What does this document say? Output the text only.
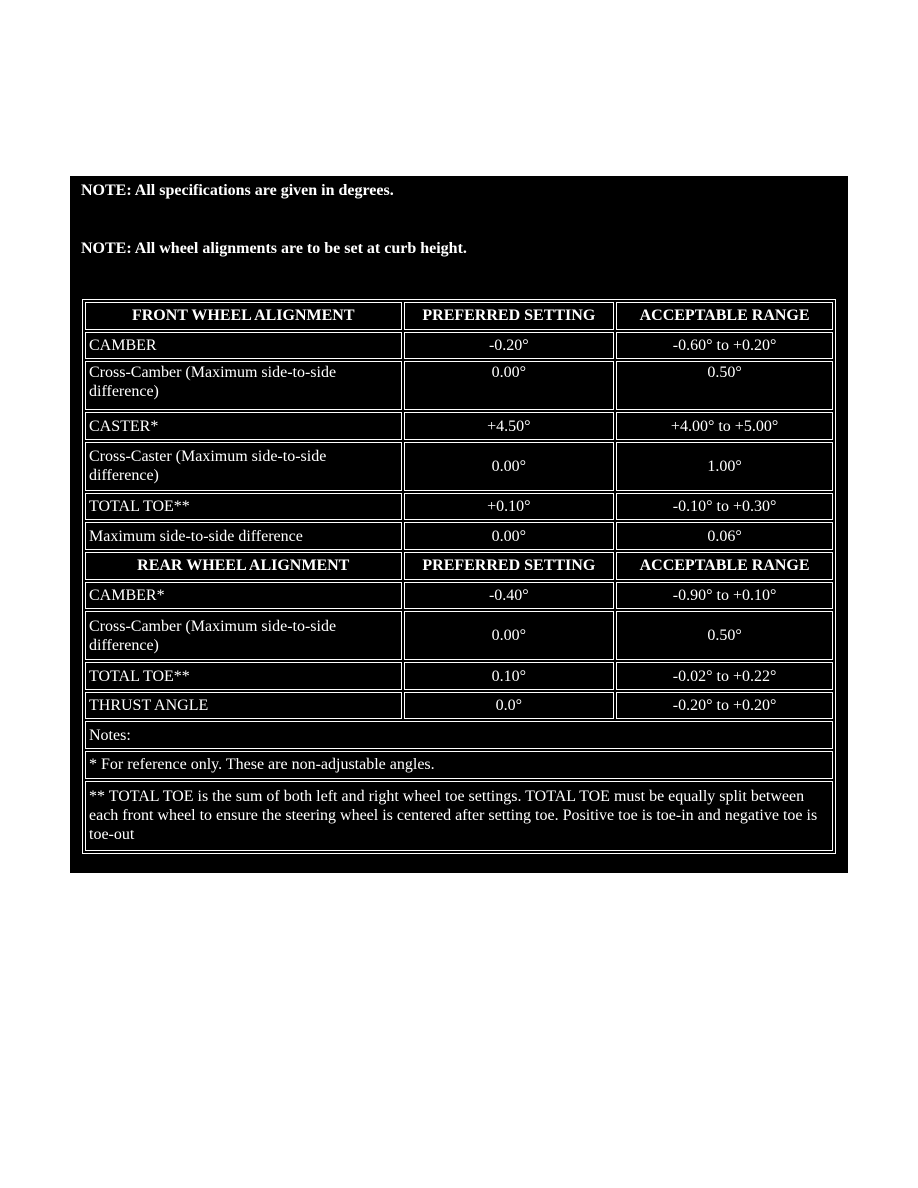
NOTE: All specifications are given in degrees.
NOTE: All wheel alignments are to be set at curb height.
FRONT WHEEL ALIGNMENT	PREFERRED SETTING	ACCEPTABLE RANGE
CAMBER	-0.20°	-0.60° to +0.20°
Cross-Camber (Maximum side-to-side difference)	0.00°	0.50°
CASTER*	+4.50°	+4.00° to +5.00°
Cross-Caster (Maximum side-to-side difference)	0.00°	1.00°
TOTAL TOE**	+0.10°	-0.10° to +0.30°
Maximum side-to-side difference	0.00°	0.06°
REAR WHEEL ALIGNMENT	PREFERRED SETTING	ACCEPTABLE RANGE
CAMBER*	-0.40°	-0.90° to +0.10°
Cross-Camber (Maximum side-to-side difference)	0.00°	0.50°
TOTAL TOE**	0.10°	-0.02° to +0.22°
THRUST ANGLE	0.0°	-0.20° to +0.20°
Notes:		
* For reference only. These are non-adjustable angles.		
** TOTAL TOE is the sum of both left and right wheel toe settings. TOTAL TOE must be equally split between each front wheel to ensure the steering wheel is centered after setting toe. Positive toe is toe-in and negative toe is toe-out		
